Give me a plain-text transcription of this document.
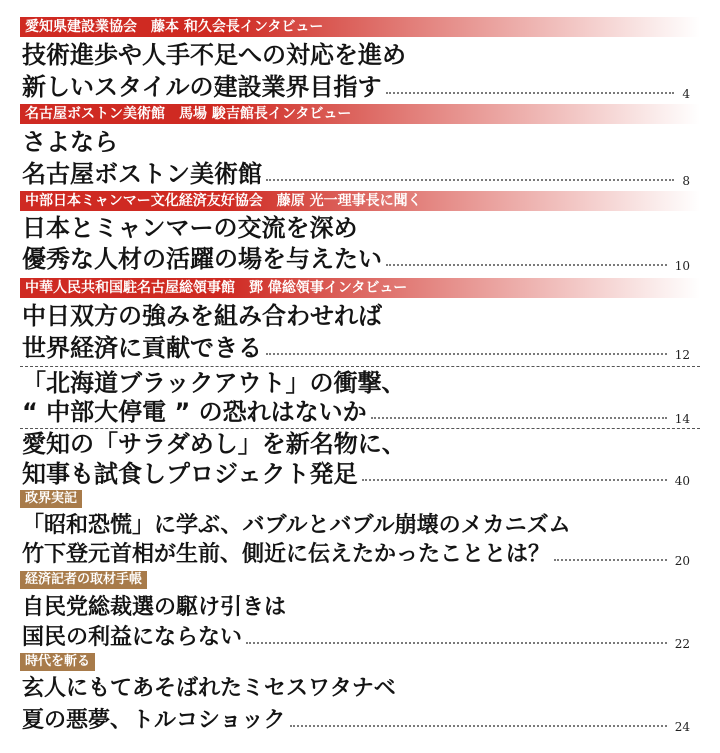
愛知県建設業協会　藤本 和久会長インタビュー
技術進歩や人手不足への対応を進め
新しいスタイルの建設業界目指す	4
名古屋ボストン美術館　馬場 駿吉館長インタビュー
さよなら
名古屋ボストン美術館	8
中部日本ミャンマー文化経済友好協会　藤原 光一理事長に聞く
日本とミャンマーの交流を深め
優秀な人材の活躍の場を与えたい	10
中華人民共和国駐名古屋総領事館　鄧 偉総領事インタビュー
中日双方の強みを組み合わせれば
世界経済に貢献できる	12
「北海道ブラックアウト」の衝撃、
“ 中部大停電 ” の恐れはないか	14
愛知の「サラダめし」を新名物に、
知事も試食しプロジェクト発足	40
政界実記
「昭和恐慌」に学ぶ、バブルとバブル崩壊のメカニズム
竹下登元首相が生前、側近に伝えたかったこととは？	20
経済記者の取材手帳
自民党総裁選の駆け引きは
国民の利益にならない	22
時代を斬る
玄人にもてあそばれたミセスワタナベ
夏の悪夢、トルコショック	24
